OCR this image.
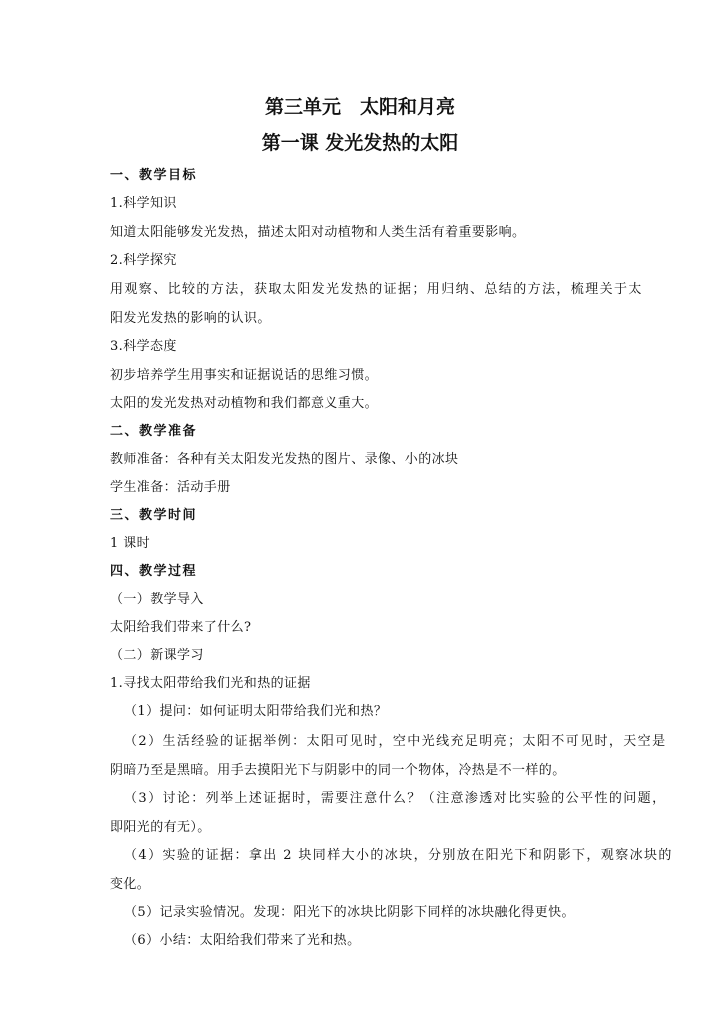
第三单元　太阳和月亮
第一课 发光发热的太阳
一、教学目标
1.科学知识
知道太阳能够发光发热，描述太阳对动植物和人类生活有着重要影响。
2.科学探究
用观察、比较的方法，获取太阳发光发热的证据；用归纳、总结的方法，梳理关于太
阳发光发热的影响的认识。
3.科学态度
初步培养学生用事实和证据说话的思维习惯。
太阳的发光发热对动植物和我们都意义重大。
二、教学准备
教师准备：各种有关太阳发光发热的图片、录像、小的冰块
学生准备：活动手册
三、教学时间
1 课时
四、教学过程
（一）教学导入
太阳给我们带来了什么?
（二）新课学习
1.寻找太阳带给我们光和热的证据
（1）提问：如何证明太阳带给我们光和热？
（2）生活经验的证据举例：太阳可见时，空中光线充足明亮；太阳不可见时，天空是
阴暗乃至是黑暗。用手去摸阳光下与阴影中的同一个物体，冷热是不一样的。
（3）讨论：列举上述证据时，需要注意什么？（注意渗透对比实验的公平性的问题，
即阳光的有无）。
（4）实验的证据：拿出 2 块同样大小的冰块，分别放在阳光下和阴影下，观察冰块的
变化。
（5）记录实验情况。发现：阳光下的冰块比阴影下同样的冰块融化得更快。
（6）小结：太阳给我们带来了光和热。
